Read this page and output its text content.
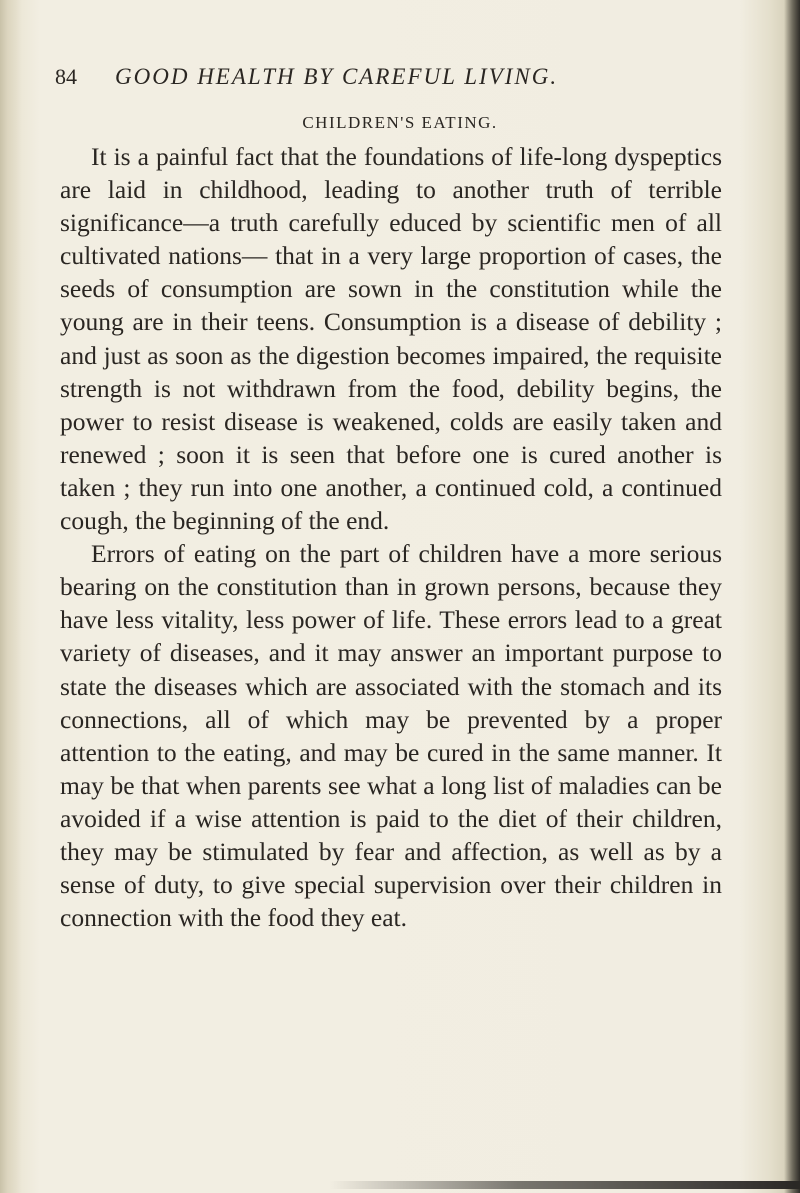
84 GOOD HEALTH BY CAREFUL LIVING.
CHILDREN'S EATING.

It is a painful fact that the foundations of life-long dyspeptics are laid in childhood, leading to another truth of terrible significance—a truth carefully educed by scientific men of all cultivated nations— that in a very large proportion of cases, the seeds of consumption are sown in the constitution while the young are in their teens. Consumption is a disease of debility ; and just as soon as the digestion becomes impaired, the requisite strength is not withdrawn from the food, debility begins, the power to resist disease is weakened, colds are easily taken and renewed ; soon it is seen that before one is cured another is taken ; they run into one another, a continued cold, a continued cough, the beginning of the end.

Errors of eating on the part of children have a more serious bearing on the constitution than in grown persons, because they have less vitality, less power of life. These errors lead to a great variety of diseases, and it may answer an important purpose to state the diseases which are associated with the stomach and its connections, all of which may be prevented by a proper attention to the eating, and may be cured in the same manner. It may be that when parents see what a long list of maladies can be avoided if a wise attention is paid to the diet of their children, they may be stimulated by fear and affection, as well as by a sense of duty, to give special supervision over their children in connection with the food they eat.
